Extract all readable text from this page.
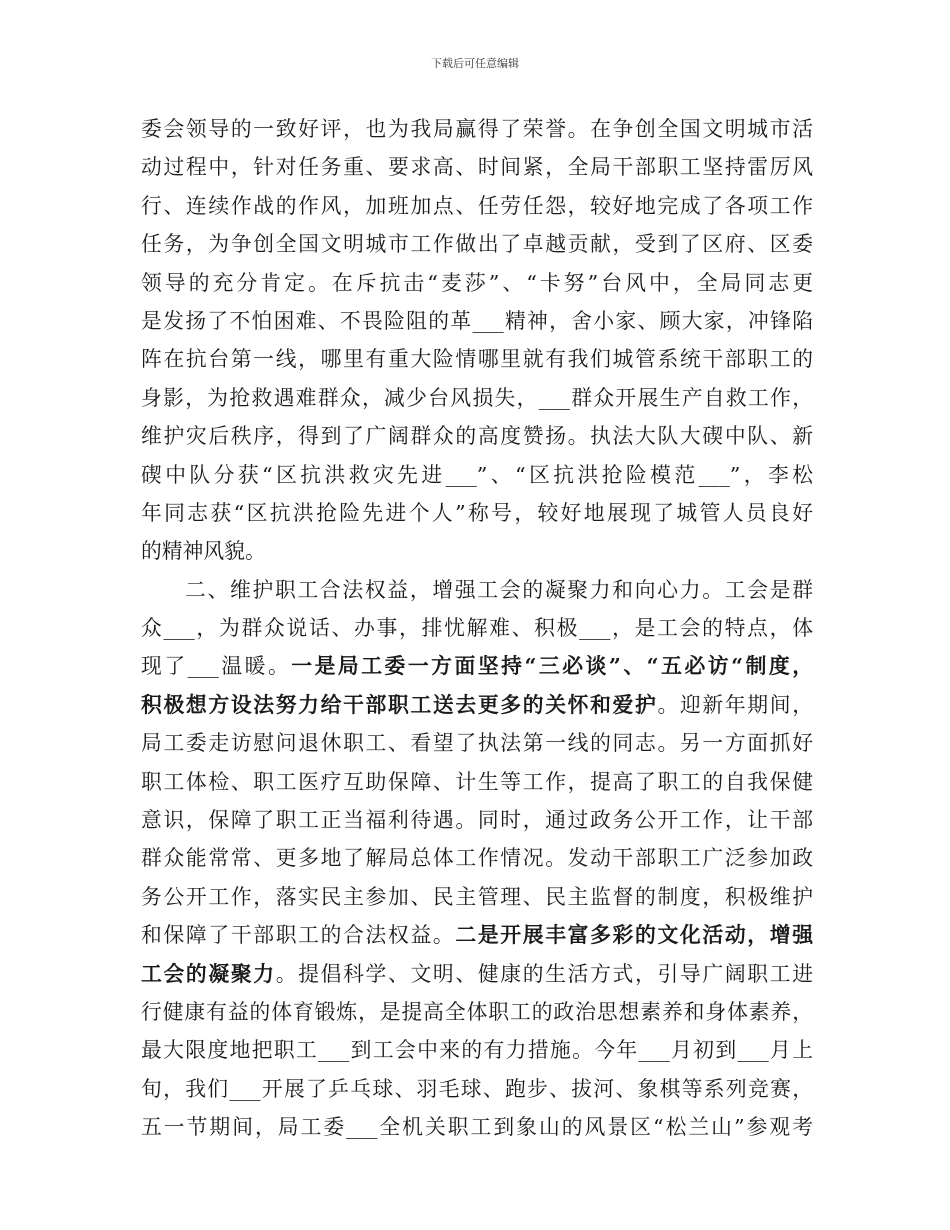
下载后可任意编辑
委会领导的一致好评，也为我局赢得了荣誉。在争创全国文明城市活
动过程中，针对任务重、要求高、时间紧，全局干部职工坚持雷厉风
行、连续作战的作风，加班加点、任劳任怨，较好地完成了各项工作
任务，为争创全国文明城市工作做出了卓越贡献，受到了区府、区委
领导的充分肯定。在斥抗击“麦莎”、“卡努”台风中，全局同志更
是发扬了不怕困难、不畏险阻的革___精神，舍小家、顾大家，冲锋陷
阵在抗台第一线，哪里有重大险情哪里就有我们城管系统干部职工的
身影，为抢救遇难群众，减少台风损失，___群众开展生产自救工作，
维护灾后秩序，得到了广阔群众的高度赞扬。执法大队大碶中队、新
碶中队分获“区抗洪救灾先进___”、“区抗洪抢险模范___”，李松
年同志获“区抗洪抢险先进个人”称号，较好地展现了城管人员良好
的精神风貌。
二、维护职工合法权益，增强工会的凝聚力和向心力。工会是群
众___，为群众说话、办事，排忧解难、积极___，是工会的特点，体
现了___温暖。一是局工委一方面坚持“三必谈”、“五必访“制度，
积极想方设法努力给干部职工送去更多的关怀和爱护。迎新年期间，
局工委走访慰问退休职工、看望了执法第一线的同志。另一方面抓好
职工体检、职工医疗互助保障、计生等工作，提高了职工的自我保健
意识，保障了职工正当福利待遇。同时，通过政务公开工作，让干部
群众能常常、更多地了解局总体工作情况。发动干部职工广泛参加政
务公开工作，落实民主参加、民主管理、民主监督的制度，积极维护
和保障了干部职工的合法权益。二是开展丰富多彩的文化活动，增强
工会的凝聚力。提倡科学、文明、健康的生活方式，引导广阔职工进
行健康有益的体育锻炼，是提高全体职工的政治思想素养和身体素养，
最大限度地把职工___到工会中来的有力措施。今年___月初到___月上
旬，我们___开展了乒乓球、羽毛球、跑步、拔河、象棋等系列竞赛，
五一节期间，局工委___全机关职工到象山的风景区“松兰山”参观考
